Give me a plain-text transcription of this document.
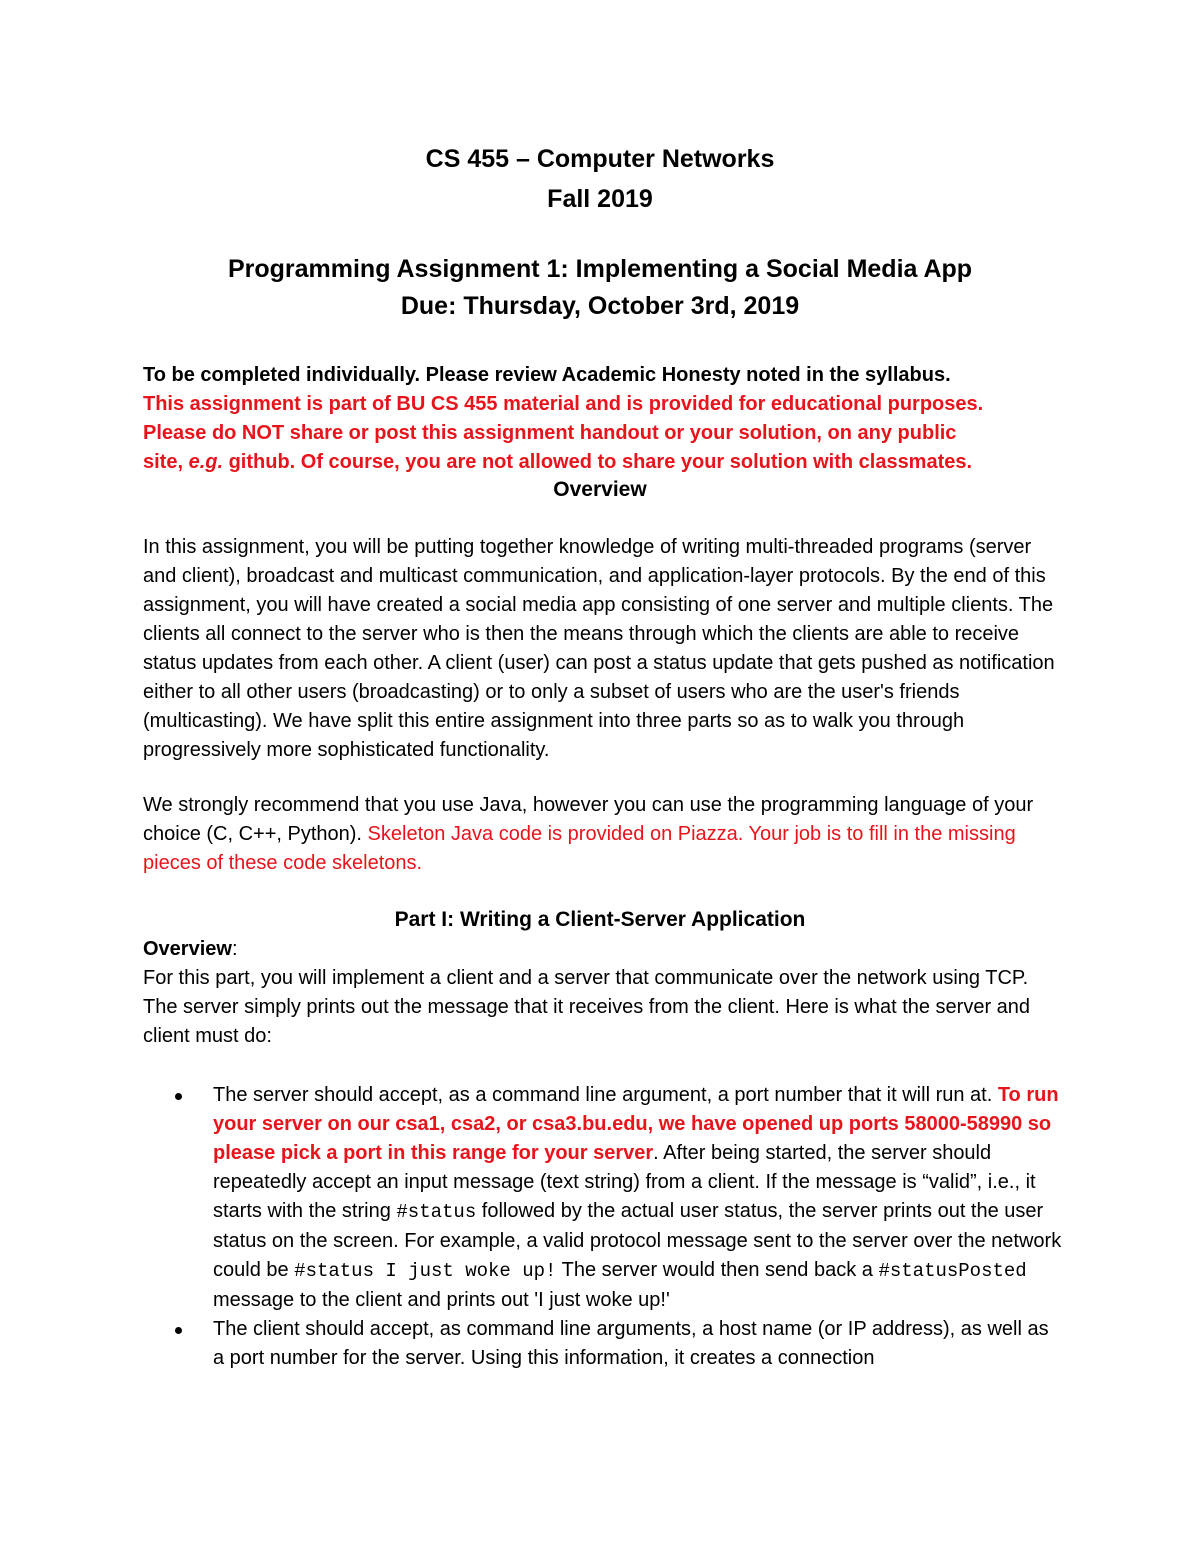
CS 455 – Computer Networks
Fall 2019
Programming Assignment 1: Implementing a Social Media App
Due: Thursday, October 3rd, 2019

To be completed individually. Please review Academic Honesty noted in the syllabus.

This assignment is part of BU CS 455 material and is provided for educational purposes.

Please do NOT share or post this assignment handout or your solution, on any public

site, e.g. github. Of course, you are not allowed to share your solution with classmates.

Overview
In this assignment, you will be putting together knowledge of writing multi-threaded programs (server and client), broadcast and multicast communication, and application-layer protocols. By the end of this assignment, you will have created a social media app consisting of one server and multiple clients. The clients all connect to the server who is then the means through which the clients are able to receive status updates from each other. A client (user) can post a status update that gets pushed as notification either to all other users (broadcasting) or to only a subset of users who are the user's friends (multicasting). We have split this entire assignment into three parts so as to walk you through progressively more sophisticated functionality.
We strongly recommend that you use Java, however you can use the programming language of your choice (C, C++, Python). Skeleton Java code is provided on Piazza. Your job is to fill in the missing pieces of these code skeletons.
Part I: Writing a Client-Server Application
Overview:
For this part, you will implement a client and a server that communicate over the network using TCP. The server simply prints out the message that it receives from the client. Here is what the server and client must do:
The server should accept, as a command line argument, a port number that it will run at. To run your server on our csa1, csa2, or csa3.bu.edu, we have opened up ports 58000-58990 so please pick a port in this range for your server. After being started, the server should repeatedly accept an input message (text string) from a client. If the message is “valid”, i.e., it starts with the string #status followed by the actual user status, the server prints out the user status on the screen. For example, a valid protocol message sent to the server over the network could be #status I just woke up! The server would then send back a #statusPosted message to the client and prints out 'I just woke up!'
The client should accept, as command line arguments, a host name (or IP address), as well as a port number for the server. Using this information, it creates a connection
